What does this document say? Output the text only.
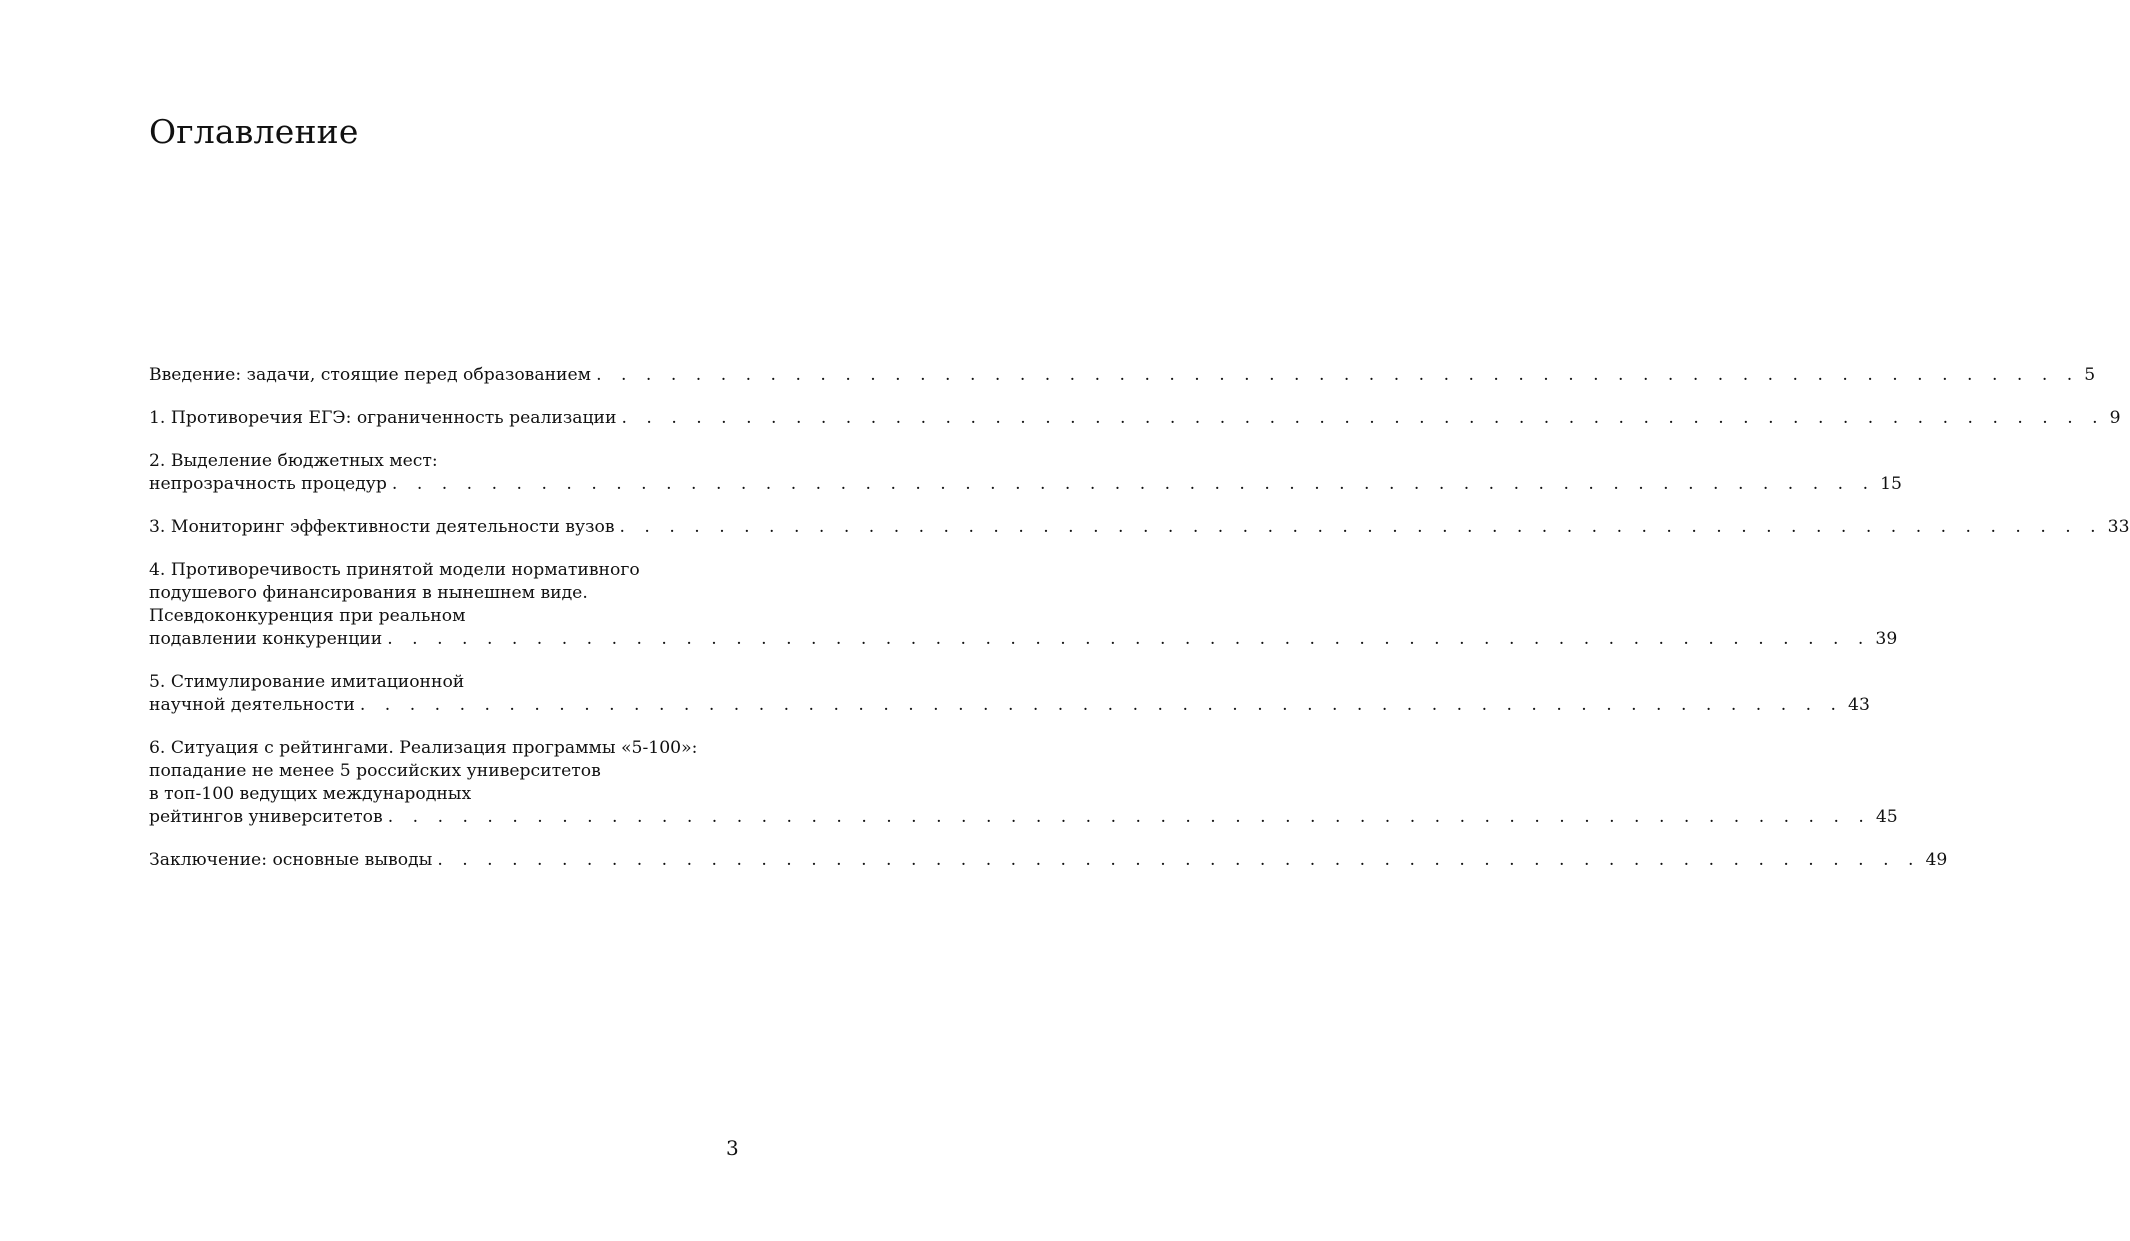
Оглавление
Введение: задачи, стоящие перед образованием . . . . . . . . . . . . . . . . . . . . . . . . . . . . . . . . . . . . . . . . . . . . . . . . . . . . . . . . . . . . 5
1. Противоречия ЕГЭ: ограниченность реализации . . . . . . . . . . . . . . . . . . . . . . . . . . . . . . . . . . . . . . . . . . . . . . . . . . . . . . . . . . . . 9
2. Выделение бюджетных мест:
непрозрачность процедур . . . . . . . . . . . . . . . . . . . . . . . . . . . . . . . . . . . . . . . . . . . . . . . . . . . . . . . . . . . . 15
3. Мониторинг эффективности деятельности вузов . . . . . . . . . . . . . . . . . . . . . . . . . . . . . . . . . . . . . . . . . . . . . . . . . . . . . . . . . . . . 33
4. Противоречивость принятой модели нормативного
подушевого финансирования в нынешнем виде.
Псевдоконкуренция при реальном
подавлении конкуренции . . . . . . . . . . . . . . . . . . . . . . . . . . . . . . . . . . . . . . . . . . . . . . . . . . . . . . . . . . . . 39
5. Стимулирование имитационной
научной деятельности . . . . . . . . . . . . . . . . . . . . . . . . . . . . . . . . . . . . . . . . . . . . . . . . . . . . . . . . . . . . 43
6. Ситуация с рейтингами. Реализация программы «5-100»:
попадание не менее 5 российских университетов
в топ-100 ведущих международных
рейтингов университетов . . . . . . . . . . . . . . . . . . . . . . . . . . . . . . . . . . . . . . . . . . . . . . . . . . . . . . . . . . . . 45
Заключение: основные выводы . . . . . . . . . . . . . . . . . . . . . . . . . . . . . . . . . . . . . . . . . . . . . . . . . . . . . . . . . . . . 49
3
